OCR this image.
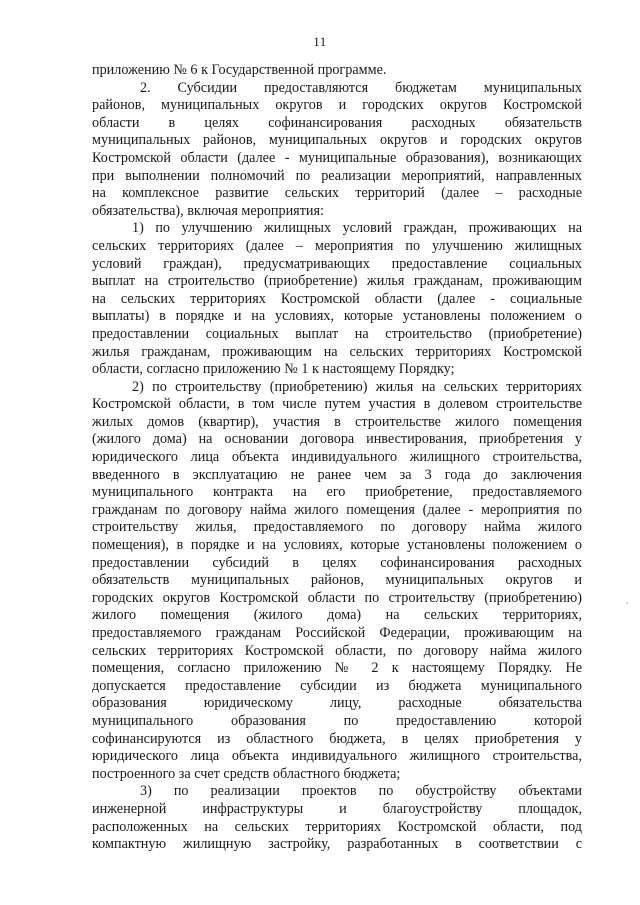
11
приложению № 6 к Государственной программе.
2. Субсидии предоставляются бюджетам муниципальных
районов, муниципальных округов и городских округов Костромской
области в целях софинансирования расходных обязательств
муниципальных районов, муниципальных округов и городских округов
Костромской области (далее - муниципальные образования), возникающих
при выполнении полномочий по реализации мероприятий, направленных
на комплексное развитие сельских территорий (далее – расходные
обязательства), включая мероприятия:
1) по улучшению жилищных условий граждан, проживающих на
сельских территориях (далее – мероприятия по улучшению жилищных
условий граждан), предусматривающих предоставление социальных
выплат на строительство (приобретение) жилья гражданам, проживающим
на сельских территориях Костромской области (далее - социальные
выплаты) в порядке и на условиях, которые установлены положением о
предоставлении социальных выплат на строительство (приобретение)
жилья гражданам, проживающим на сельских территориях Костромской
области, согласно приложению № 1 к настоящему Порядку;
2) по строительству (приобретению) жилья на сельских территориях
Костромской области, в том числе путем участия в долевом строительстве
жилых домов (квартир), участия в строительстве жилого помещения
(жилого дома) на основании договора инвестирования, приобретения у
юридического лица объекта индивидуального жилищного строительства,
введенного в эксплуатацию не ранее чем за 3 года до заключения
муниципального контракта на его приобретение, предоставляемого
гражданам по договору найма жилого помещения (далее - мероприятия по
строительству жилья, предоставляемого по договору найма жилого
помещения), в порядке и на условиях, которые установлены положением о
предоставлении субсидий в целях софинансирования расходных
обязательств муниципальных районов, муниципальных округов и
городских округов Костромской области по строительству (приобретению)
жилого помещения (жилого дома) на сельских территориях,
предоставляемого гражданам Российской Федерации, проживающим на
сельских территориях Костромской области, по договору найма жилого
помещения, согласно приложению № 2 к настоящему Порядку. Не
допускается предоставление субсидии из бюджета муниципального
образования юридическому лицу, расходные обязательства
муниципального образования по предоставлению которой
софинансируются из областного бюджета, в целях приобретения у
юридического лица объекта индивидуального жилищного строительства,
построенного за счет средств областного бюджета;
3) по реализации проектов по обустройству объектами
инженерной инфраструктуры и благоустройству площадок,
расположенных на сельских территориях Костромской области, под
компактную жилищную застройку, разработанных в соответствии с
